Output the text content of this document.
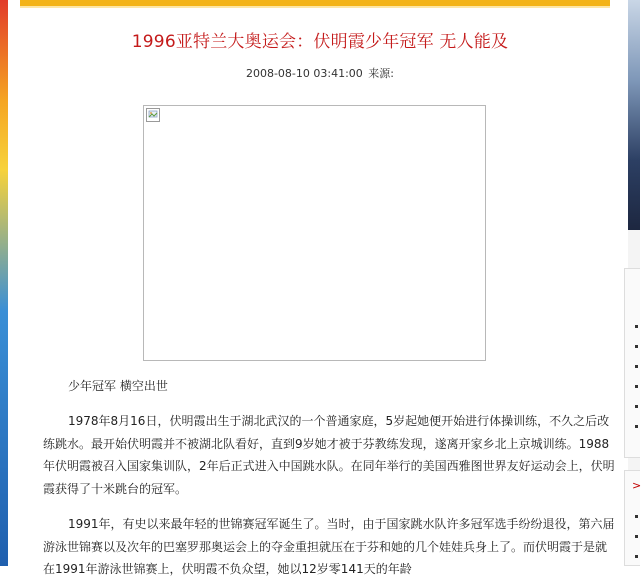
>
1996亚特兰大奥运会：伏明霞少年冠军 无人能及
2008-08-10 03:41:00 来源:
少年冠军 横空出世

1978年8月16日，伏明霞出生于湖北武汉的一个普通家庭，5岁起她便开始进行体操训练，不久之后改练跳水。最开始伏明霞并不被湖北队看好，直到9岁她才被于芬教练发现，遂离开家乡北上京城训练。1988年伏明霞被召入国家集训队，2年后正式进入中国跳水队。在同年举行的美国西雅图世界友好运动会上，伏明霞获得了十米跳台的冠军。

1991年，有史以来最年轻的世锦赛冠军诞生了。当时，由于国家跳水队许多冠军选手纷纷退役，第六届游泳世锦赛以及次年的巴塞罗那奥运会上的夺金重担就压在于芬和她的几个娃娃兵身上了。而伏明霞于是就在1991年游泳世锦赛上，伏明霞不负众望，她以12岁零141天的年龄
